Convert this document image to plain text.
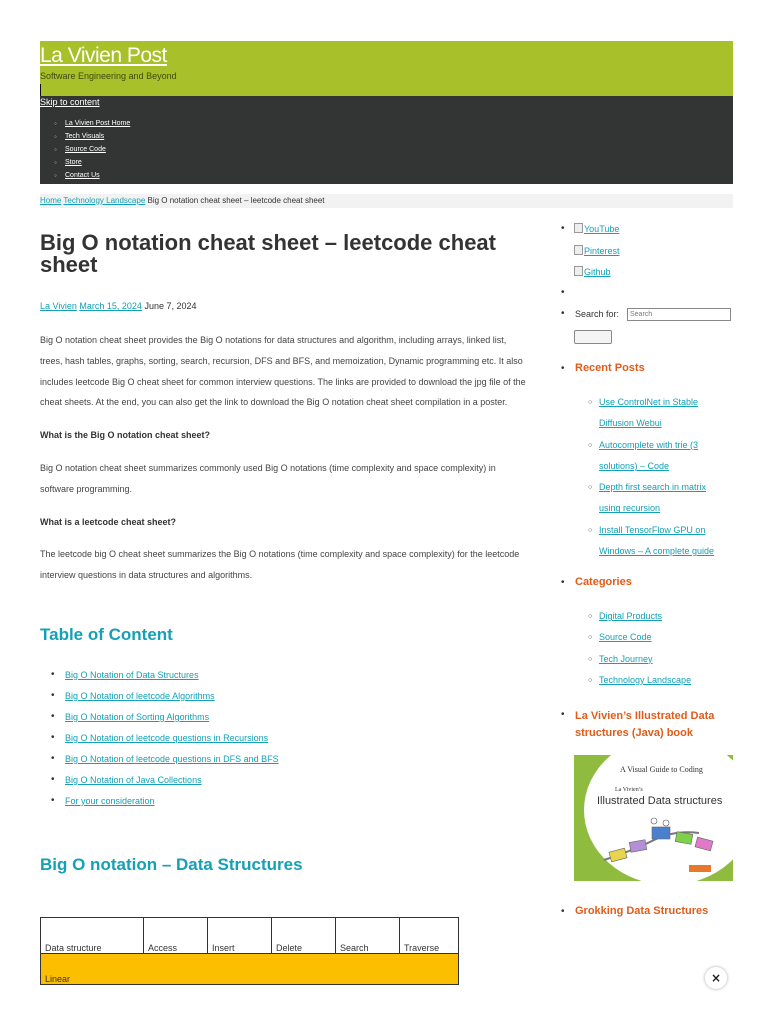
La Vivien Post
Software Engineering and Beyond
Skip to content
◦ La Vivien Post Home
◦ Tech Visuals
◦ Source Code
◦ Store
◦ Contact Us
Home Technology Landscape Big O notation cheat sheet – leetcode cheat sheet
Big O notation cheat sheet – leetcode cheat sheet
La Vivien March 15, 2024 June 7, 2024

Big O notation cheat sheet provides the Big O notations for data structures and algorithm, including arrays, linked list, trees, hash tables, graphs, sorting, search, recursion, DFS and BFS, and memoization, Dynamic programming etc. It also includes leetcode Big O cheat sheet for common interview questions. The links are provided to download the jpg file of the cheat sheets. At the end, you can also get the link to download the Big O notation cheat sheet compilation in a poster.

What is the Big O notation cheat sheet?

Big O notation cheat sheet summarizes commonly used Big O notations (time complexity and space complexity) in software programming.

What is a leetcode cheat sheet?

The leetcode big O cheat sheet summarizes the Big O notations (time complexity and space complexity) for the leetcode interview questions in data structures and algorithms.

Table of Content
• Big O Notation of Data Structures
• Big O Notation of leetcode Algorithms
• Big O Notation of Sorting Algorithms
• Big O Notation of leetcode questions in Recursions
• Big O Notation of leetcode questions in DFS and BFS
• Big O Notation of Java Collections
• For your consideration
Big O notation – Data Structures
Data structure	Access	Insert	Delete	Search	Traverse
Linear
•	YouTube
Pinterest
Github
•
• Search for:	Search
• Recent Posts
○ Use ControlNet in Stable
Diffusion Webui
○ Autocomplete with trie (3
solutions) – Code
○ Depth first search in matrix
using recursion
○ Install TensorFlow GPU on
Windows – A complete guide
• Categories
○ Digital Products
○ Source Code
○ Tech Journey
○ Technology Landscape
• La Vivien’s Illustrated Data
structures (Java) book
A Visual Guide to Coding
La Vivien’s
Illustrated Data structures
• Grokking Data Structures
×
